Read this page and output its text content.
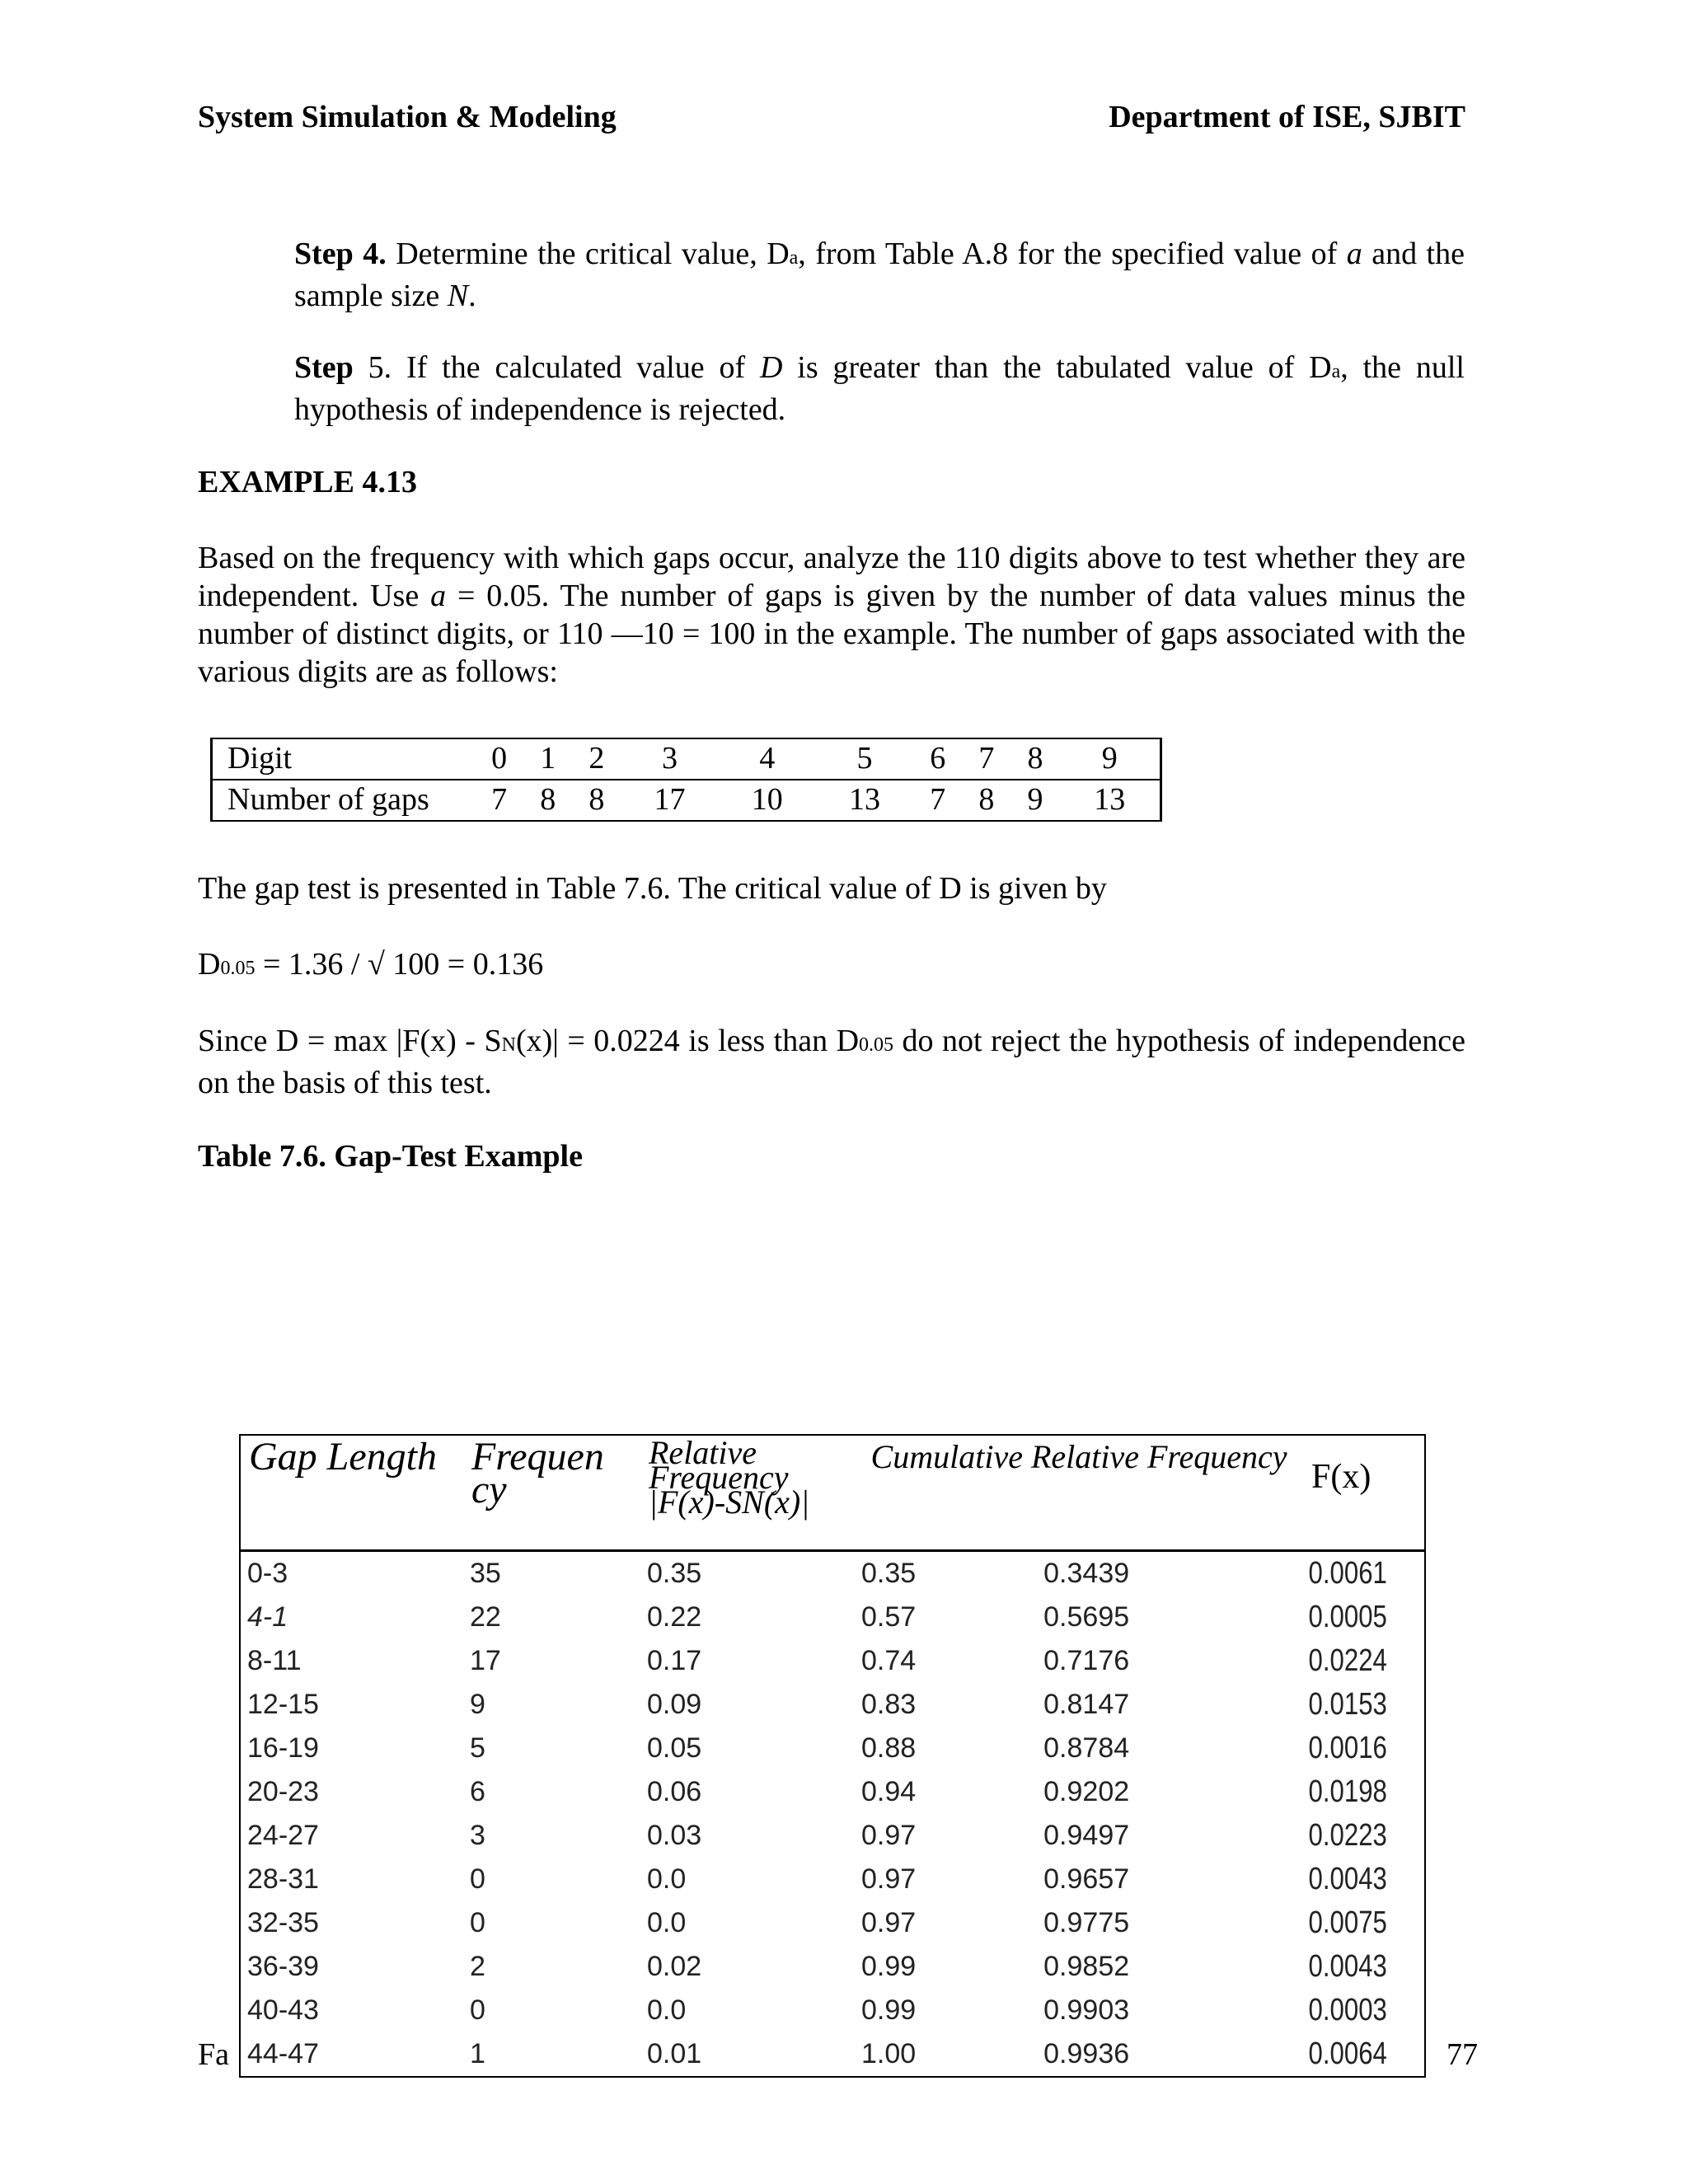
System Simulation & Modeling	Department of ISE, SJBIT
Step 4. Determine the critical value, Da, from Table A.8 for the specified value of a and the sample size N.
Step 5. If the calculated value of D is greater than the tabulated value of Da, the null hypothesis of independence is rejected.
EXAMPLE 4.13
Based on the frequency with which gaps occur, analyze the 110 digits above to test whether they are independent. Use a = 0.05. The number of gaps is given by the number of data values minus the number of distinct digits, or 110 —10 = 100 in the example. The number of gaps associated with the various digits are as follows:
Digit	0	1	2	3	4	5	6	7	8	9
Number of gaps	7	8	8	17	10	13	7	8	9	13
The gap test is presented in Table 7.6. The critical value of D is given by
D0.05 = 1.36 / √ 100 = 0.136
Since D = max |F(x) - SN(x)| = 0.0224 is less than D0.05 do not reject the hypothesis of independence on the basis of this test.
Table 7.6. Gap-Test Example
Gap Length	Frequen cy	Relative Frequency |F(x)-SN(x)|	Cumulative Relative Frequency		F(x)
0-3	35	0.35	0.35	0.3439	0.0061
4-1	22	0.22	0.57	0.5695	0.0005
8-11	17	0.17	0.74	0.7176	0.0224
12-15	9	0.09	0.83	0.8147	0.0153
16-19	5	0.05	0.88	0.8784	0.0016
20-23	6	0.06	0.94	0.9202	0.0198
24-27	3	0.03	0.97	0.9497	0.0223
28-31	0	0.0	0.97	0.9657	0.0043
32-35	0	0.0	0.97	0.9775	0.0075
36-39	2	0.02	0.99	0.9852	0.0043
40-43	0	0.0	0.99	0.9903	0.0003
44-47	1	0.01	1.00	0.9936	0.0064
Fa	77
